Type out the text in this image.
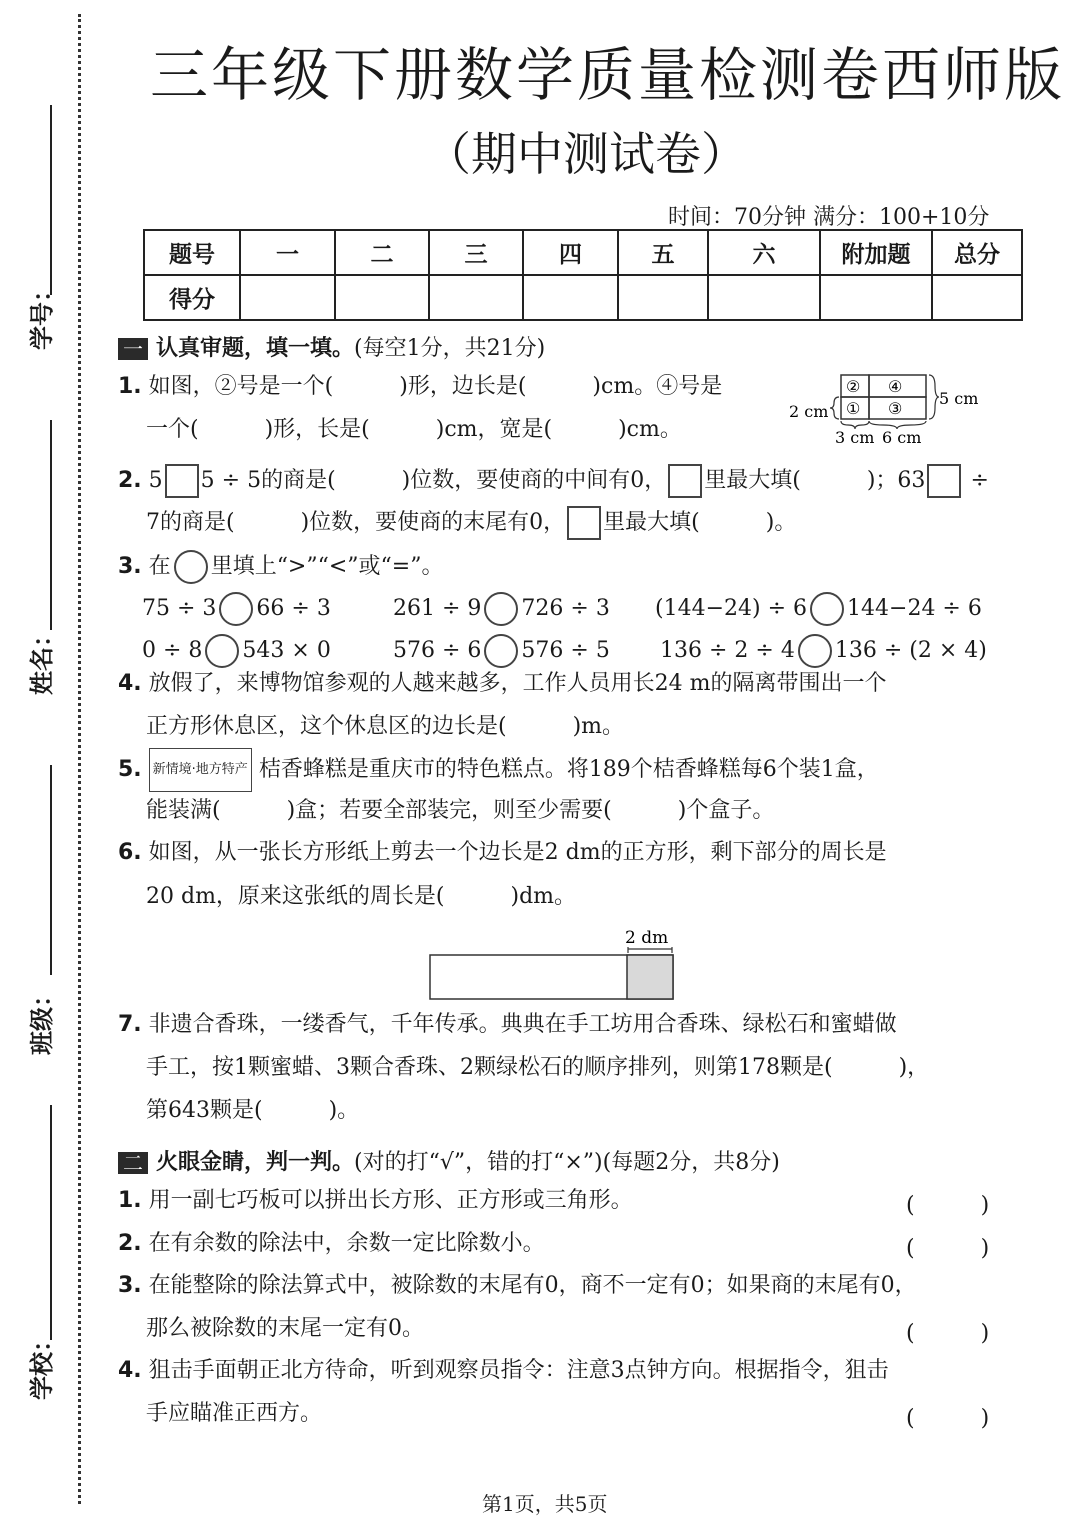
学号：
姓名：
班级：
学校：
三年级下册数学质量检测卷西师版
（期中测试卷）
时间：70分钟 满分：100+10分
题号	一	二	三	四	五	六	附加题	总分
得分								
一 认真审题，填一填。(每空1分，共21分)
1. 如图，②号是一个(　　　)形，边长是(　　　)cm。④号是
一个(　　　)形，长是(　　　)cm，宽是(　　　)cm。
② ④
① ③
5 cm
2 cm
3 cm 6 cm
2. 5 5 ÷ 5的商是(　　　)位数，要使商的中间有0， 里最大填(　　　)；63 ÷
7的商是(　　　)位数，要使商的末尾有0， 里最大填(　　　)。
3. 在 里填上“>”“<”或“=”。
75 ÷ 3 66 ÷ 3	261 ÷ 9 726 ÷ 3 (144−24) ÷ 6 144−24 ÷ 6
0 ÷ 8 543 × 0	576 ÷ 6 576 ÷ 5 136 ÷ 2 ÷ 4 136 ÷ (2 × 4)
4. 放假了，来博物馆参观的人越来越多，工作人员用长24 m的隔离带围出一个
正方形休息区，这个休息区的边长是(　　　)m。
5. 新情境·地方特产 桔香蜂糕是重庆市的特色糕点。将189个桔香蜂糕每6个装1盒，
能装满(　　　)盒；若要全部装完，则至少需要(　　　)个盒子。
6. 如图，从一张长方形纸上剪去一个边长是2 dm的正方形，剩下部分的周长是
20 dm，原来这张纸的周长是(　　　)dm。
2 dm
7. 非遗合香珠，一缕香气，千年传承。典典在手工坊用合香珠、绿松石和蜜蜡做
手工，按1颗蜜蜡、3颗合香珠、2颗绿松石的顺序排列，则第178颗是(　　　)，
第643颗是(　　　)。
二 火眼金睛，判一判。(对的打“√”，错的打“×”)(每题2分，共8分)
1. 用一副七巧板可以拼出长方形、正方形或三角形。	(　　　)
2. 在有余数的除法中，余数一定比除数小。	(　　　)
3. 在能整除的除法算式中，被除数的末尾有0，商不一定有0；如果商的末尾有0，
那么被除数的末尾一定有0。	(　　　)
4. 狙击手面朝正北方待命，听到观察员指令：注意3点钟方向。根据指令，狙击
手应瞄准正西方。	(　　　)
第1页，共5页
